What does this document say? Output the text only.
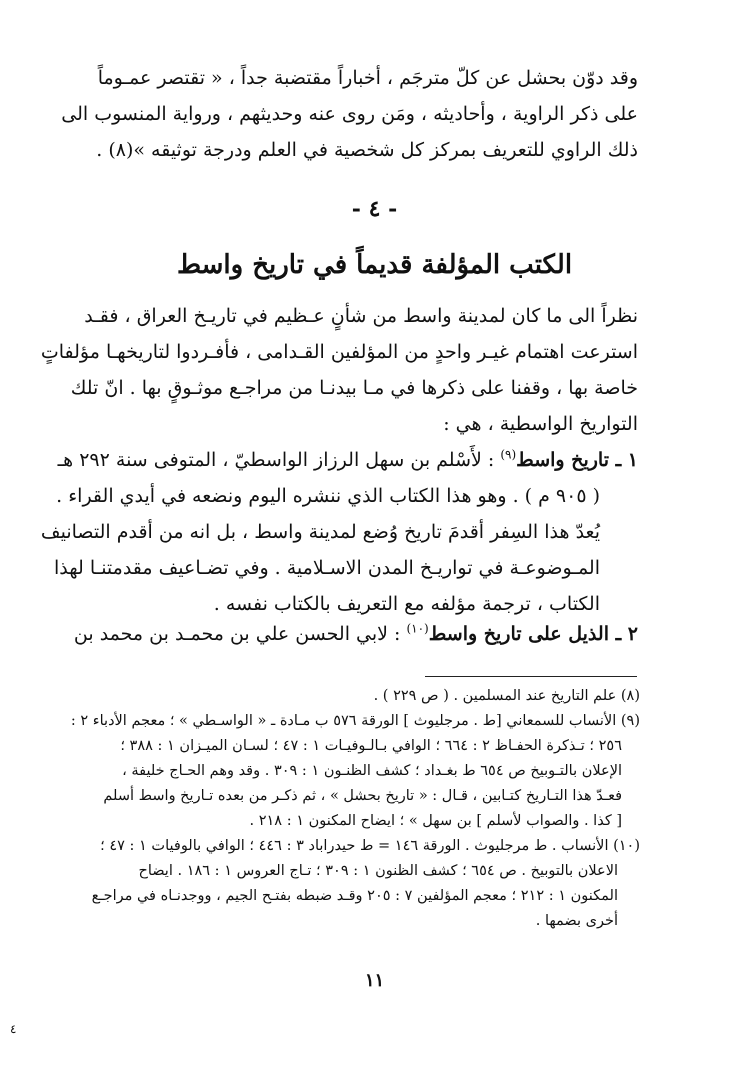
وقد دوّن بحشل عن كلّ مترجَم ، أخباراً مقتضبة جداً ، « تقتصر عمـوماً
على ذكر الراوية ، وأحاديثه ، ومَن روى عنه وحديثهم ، ورواية المنسوب الى
ذلك الراوي للتعريف بمركز كل شخصية في العلم ودرجة توثيقه »(٨) .
- ٤ -
الكتب المؤلفة قديماً في تاريخ واسط
نظراً الى ما كان لمدينة واسط من شأنٍ عـظيم في تاريـخ العراق ، فقـد
استرعت اهتمام غيـر واحدٍ من المؤلفين القـدامى ، فأفـردوا لتاريخهـا مؤلفاتٍ
خاصة بها ، وقفنا على ذكرها في مـا بيدنـا من مراجـع موثـوقٍ بها . انّ تلك
التواريخ الواسطية ، هي :
١ ـ تاريخ واسط$^{(٩)}$ : لأَسْلم بن سهل الرزاز الواسطيّ ، المتوفى سنة ٢٩٢ هـ
( ٩٠٥ م ) . وهو هذا الكتاب الذي ننشره اليوم ونضعه في أيدي القراء .
يُعدّ هذا السِفر أقدمَ تاريخ وُضع لمدينة واسط ، بل انه من أقدم التصانيف
المـوضوعـة في تواريـخ المدن الاسـلامية . وفي تضـاعيف مقدمتنـا لهذا
الكتاب ، ترجمة مؤلفه مع التعريف بالكتاب نفسه .
٢ ـ الذيل على تاريخ واسط$^{(١٠)}$ : لابي الحسن علي بن محمـد بن محمد بن
(٨) علم التاريخ عند المسلمين . ( ص ٢٢٩ ) .
(٩) الأنساب للسمعاني [ط . مرجليوث ] الورقة ٥٧٦ ب مـادة ـ « الواسـطي » ؛ معجم الأدباء ٢ :
٢٥٦ ؛ تـذكرة الحفـاظ ٢ : ٦٦٤ ؛ الوافي بـالـوفيـات ١ : ٤٧ ؛ لسـان الميـزان ١ : ٣٨٨ ؛
الإعلان بالتـوبيخ ص ٦٥٤ ط بغـداد ؛ كشف الظنـون ١ : ٣٠٩ . وقد وهم الحـاج خليفة ،
فعـدّ هذا التـاريخ كتـابين ، قـال : « تاريخ بحشل » ، ثم ذكـر من بعده تـاريخ واسط أسلم
[ كذا . والصواب لأسلم ] بن سهل » ؛ ايضاح المكنون ١ : ٢١٨ .
(١٠) الأنساب . ط مرجليوث . الورقة ١٤٦ = ط حيدراباد ٣ : ٤٤٦ ؛ الوافي بالوفيات ١ : ٤٧ ؛
الاعلان بالتوبيخ . ص ٦٥٤ ؛ كشف الظنون ١ : ٣٠٩ ؛ تـاج العروس ١ : ١٨٦ . ايضاح
المكنون ١ : ٢١٢ ؛ معجم المؤلفين ٧ : ٢٠٥ وقـد ضبطه بفتـح الجيم ، ووجدنـاه في مراجـع
أخرى بضمها .
١١
٤
